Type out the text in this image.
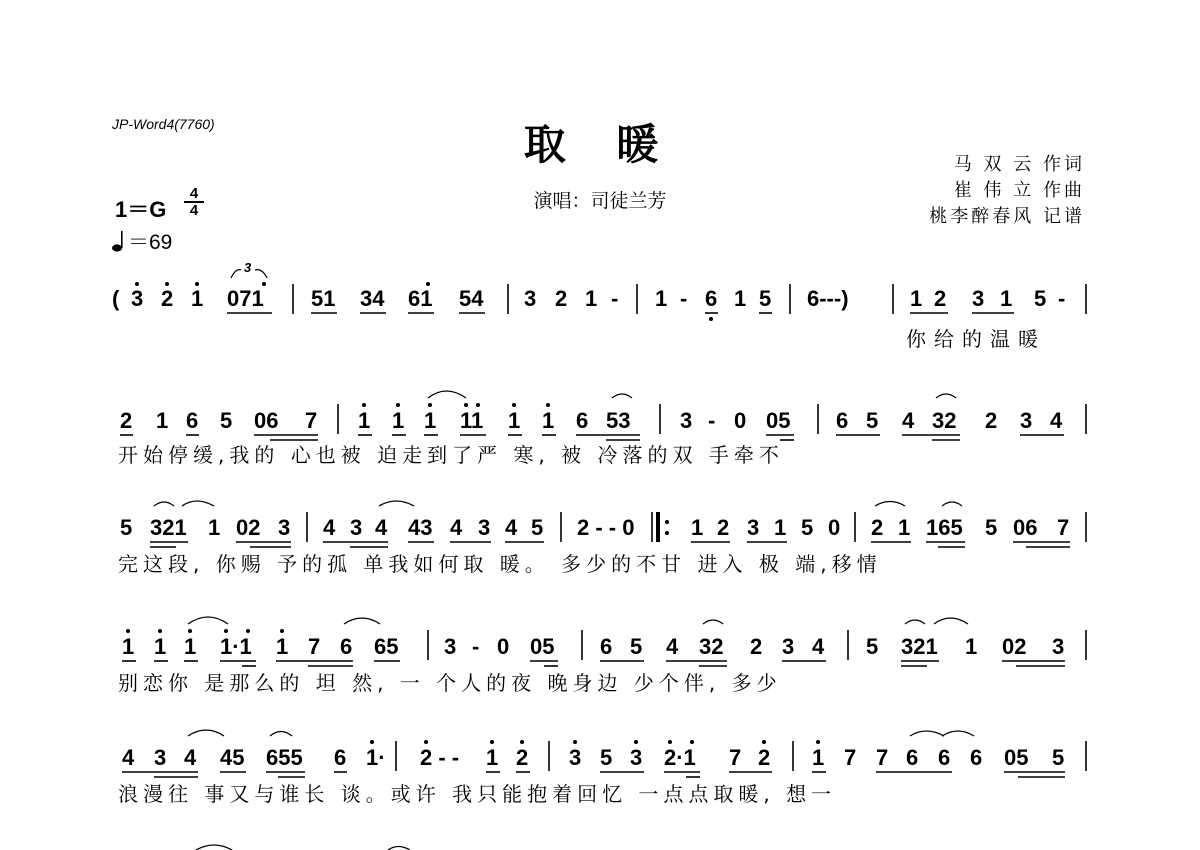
JP-Word4(7760)	取 暖
演唱：司徒兰芳
马 双 云 作词
崔 伟 立 作曲
桃李醉春风 记谱
1＝G
4
4
＝69
( 3 2 1 071
3
51 34 61 54 3 2 1 - 1 - 6 1 5 6---)	1 2 3 1 5 -
你给的温暖
2 1 6 5 06 7 1 1 1 11 1 1 6 53 3 - 0 05 6 5 4 32 2 3 4
开始停缓,我的 心也被 迫走到了严 寒, 被 冷落的双 手牵不
5 321 1 02 3 4 3 4 43 4 3 4 5 2 - - 0	1 2 3 1 5 0 2 1 165 5 06 7
完这段, 你赐 予的孤 单我如何取 暖。 多少的不甘 进入 极 端,移情
1 1 1 1·1 1 7 6 65 3 - 0 05 6 5 4 32 2 3 4 5 321 1 02 3
别恋你 是那么的 坦 然, 一 个人的夜 晚身边 少个伴, 多少
4 3 4 45 655 6 1· 2 - - 1 2 3 5 3 2·1 7 2 1 7 7 6 6 6 05 5
浪漫往 事又与谁长 谈。或许 我只能抱着回忆 一点点取暖, 想一
